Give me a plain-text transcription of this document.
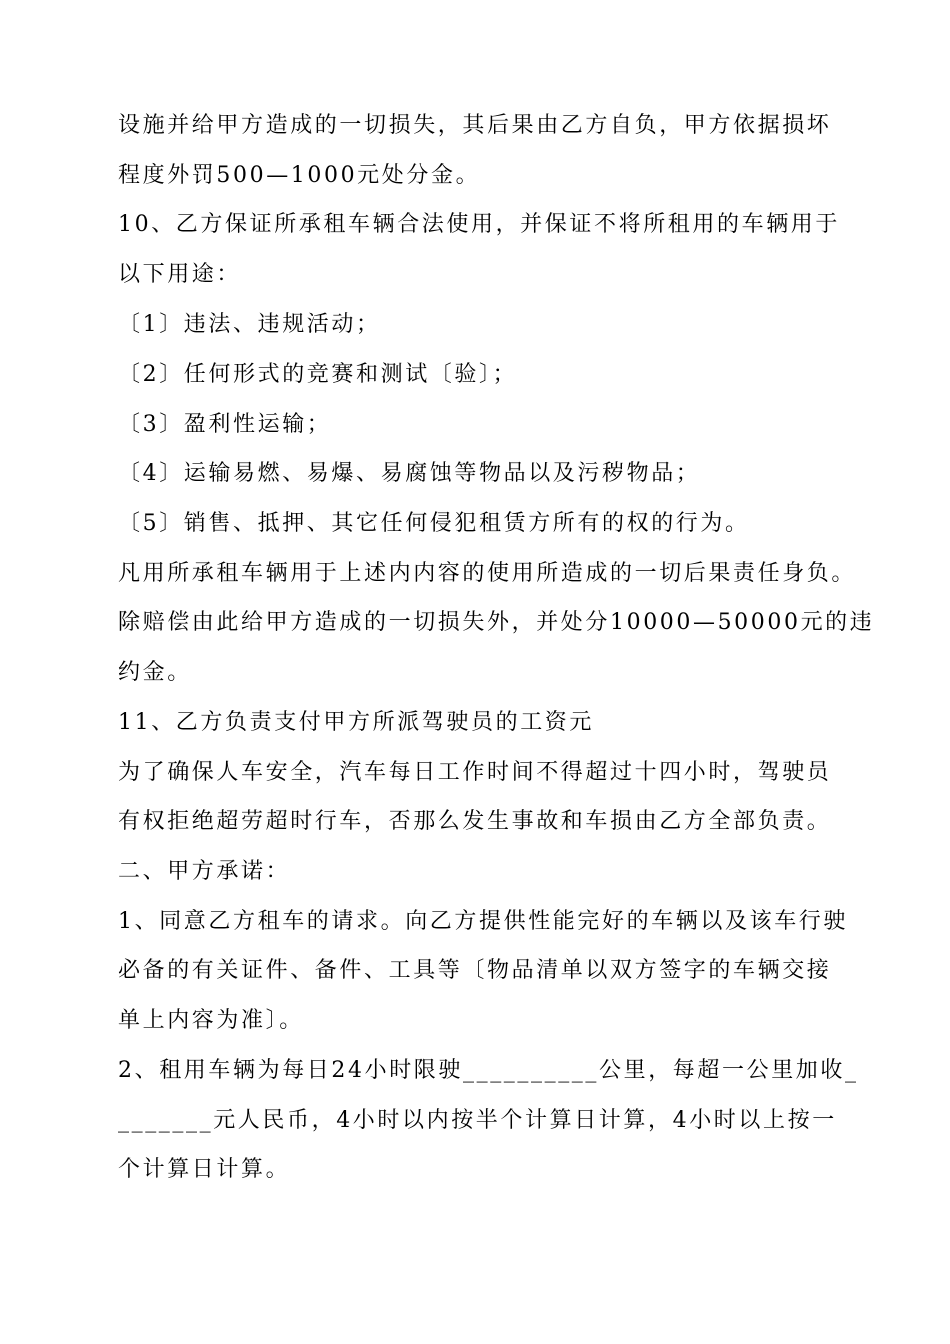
设施并给甲方造成的一切损失，其后果由乙方自负，甲方依据损坏
程度外罚500—1000元处分金。
10、乙方保证所承租车辆合法使用，并保证不将所租用的车辆用于
以下用途：
〔1〕违法、违规活动；
〔2〕任何形式的竞赛和测试〔验〕；
〔3〕盈利性运输；
〔4〕运输易燃、易爆、易腐蚀等物品以及污秽物品；
〔5〕销售、抵押、其它任何侵犯租赁方所有的权的行为。
凡用所承租车辆用于上述内内容的使用所造成的一切后果责任身负。
除赔偿由此给甲方造成的一切损失外，并处分10000—50000元的违
约金。
11、乙方负责支付甲方所派驾驶员的工资元
为了确保人车安全，汽车每日工作时间不得超过十四小时，驾驶员
有权拒绝超劳超时行车，否那么发生事故和车损由乙方全部负责。
二、甲方承诺：
1、同意乙方租车的请求。向乙方提供性能完好的车辆以及该车行驶
必备的有关证件、备件、工具等〔物品清单以双方签字的车辆交接
单上内容为准〕。
2、租用车辆为每日24小时限驶__________公里，每超一公里加收_
_______元人民币，4小时以内按半个计算日计算，4小时以上按一
个计算日计算。
